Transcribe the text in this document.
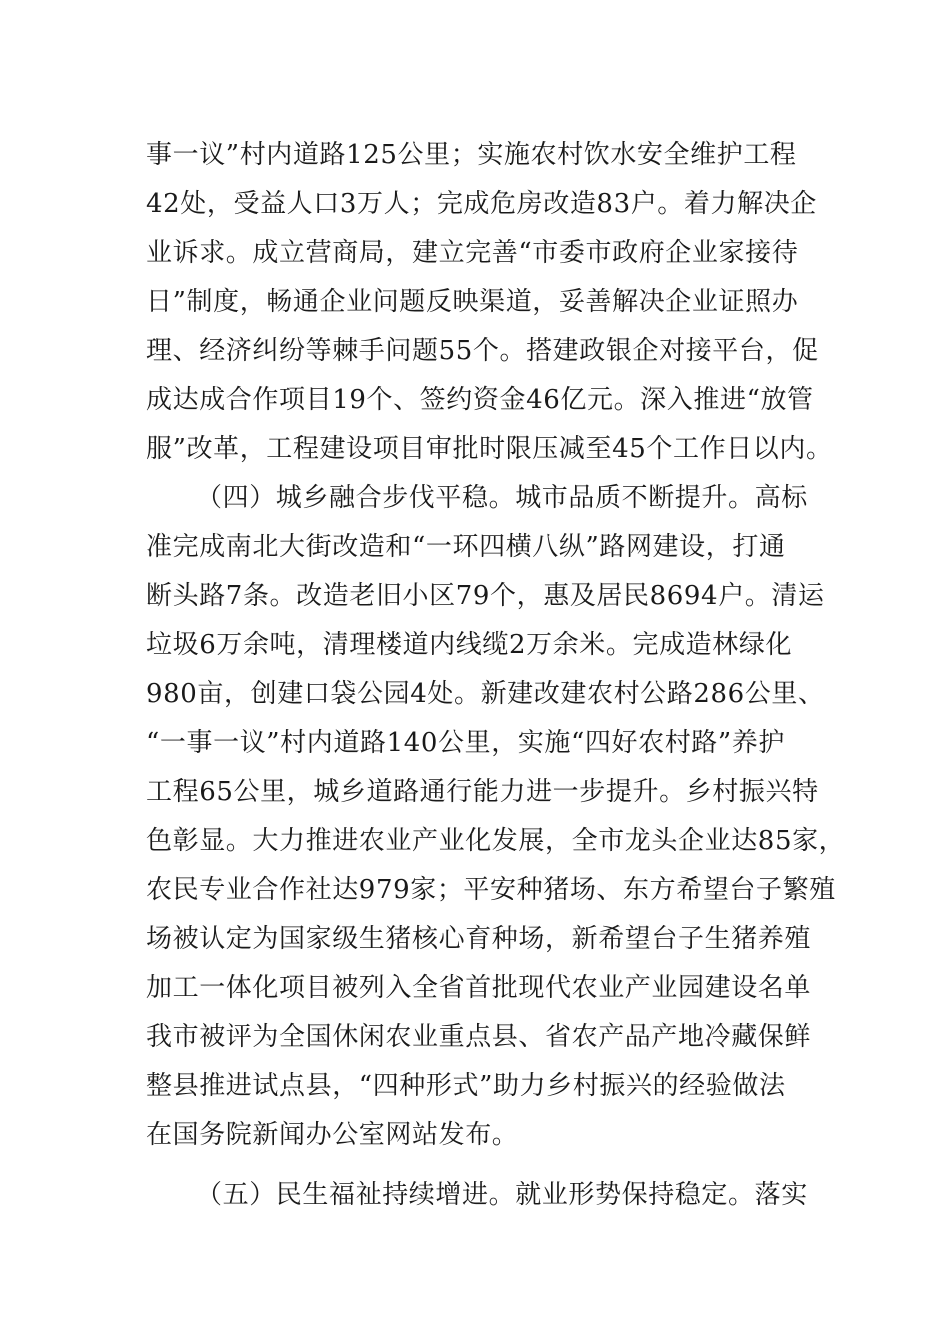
事一议”村内道路125公里；实施农村饮水安全维护工程
42处，受益人口3万人；完成危房改造83户。着力解决企
业诉求。成立营商局，建立完善“市委市政府企业家接待
日”制度，畅通企业问题反映渠道，妥善解决企业证照办
理、经济纠纷等棘手问题55个。搭建政银企对接平台，促
成达成合作项目19个、签约资金46亿元。深入推进“放管
服”改革，工程建设项目审批时限压减至45个工作日以内。
（四）城乡融合步伐平稳。城市品质不断提升。高标
准完成南北大街改造和“一环四横八纵”路网建设，打通
断头路7条。改造老旧小区79个，惠及居民8694户。清运
垃圾6万余吨，清理楼道内线缆2万余米。完成造林绿化
980亩，创建口袋公园4处。新建改建农村公路286公里、
“一事一议”村内道路140公里，实施“四好农村路”养护
工程65公里，城乡道路通行能力进一步提升。乡村振兴特
色彰显。大力推进农业产业化发展，全市龙头企业达85家，
农民专业合作社达979家；平安种猪场、东方希望台子繁殖
场被认定为国家级生猪核心育种场，新希望台子生猪养殖
加工一体化项目被列入全省首批现代农业产业园建设名单
我市被评为全国休闲农业重点县、省农产品产地冷藏保鲜
整县推进试点县，“四种形式”助力乡村振兴的经验做法
在国务院新闻办公室网站发布。
（五）民生福祉持续增进。就业形势保持稳定。落实
